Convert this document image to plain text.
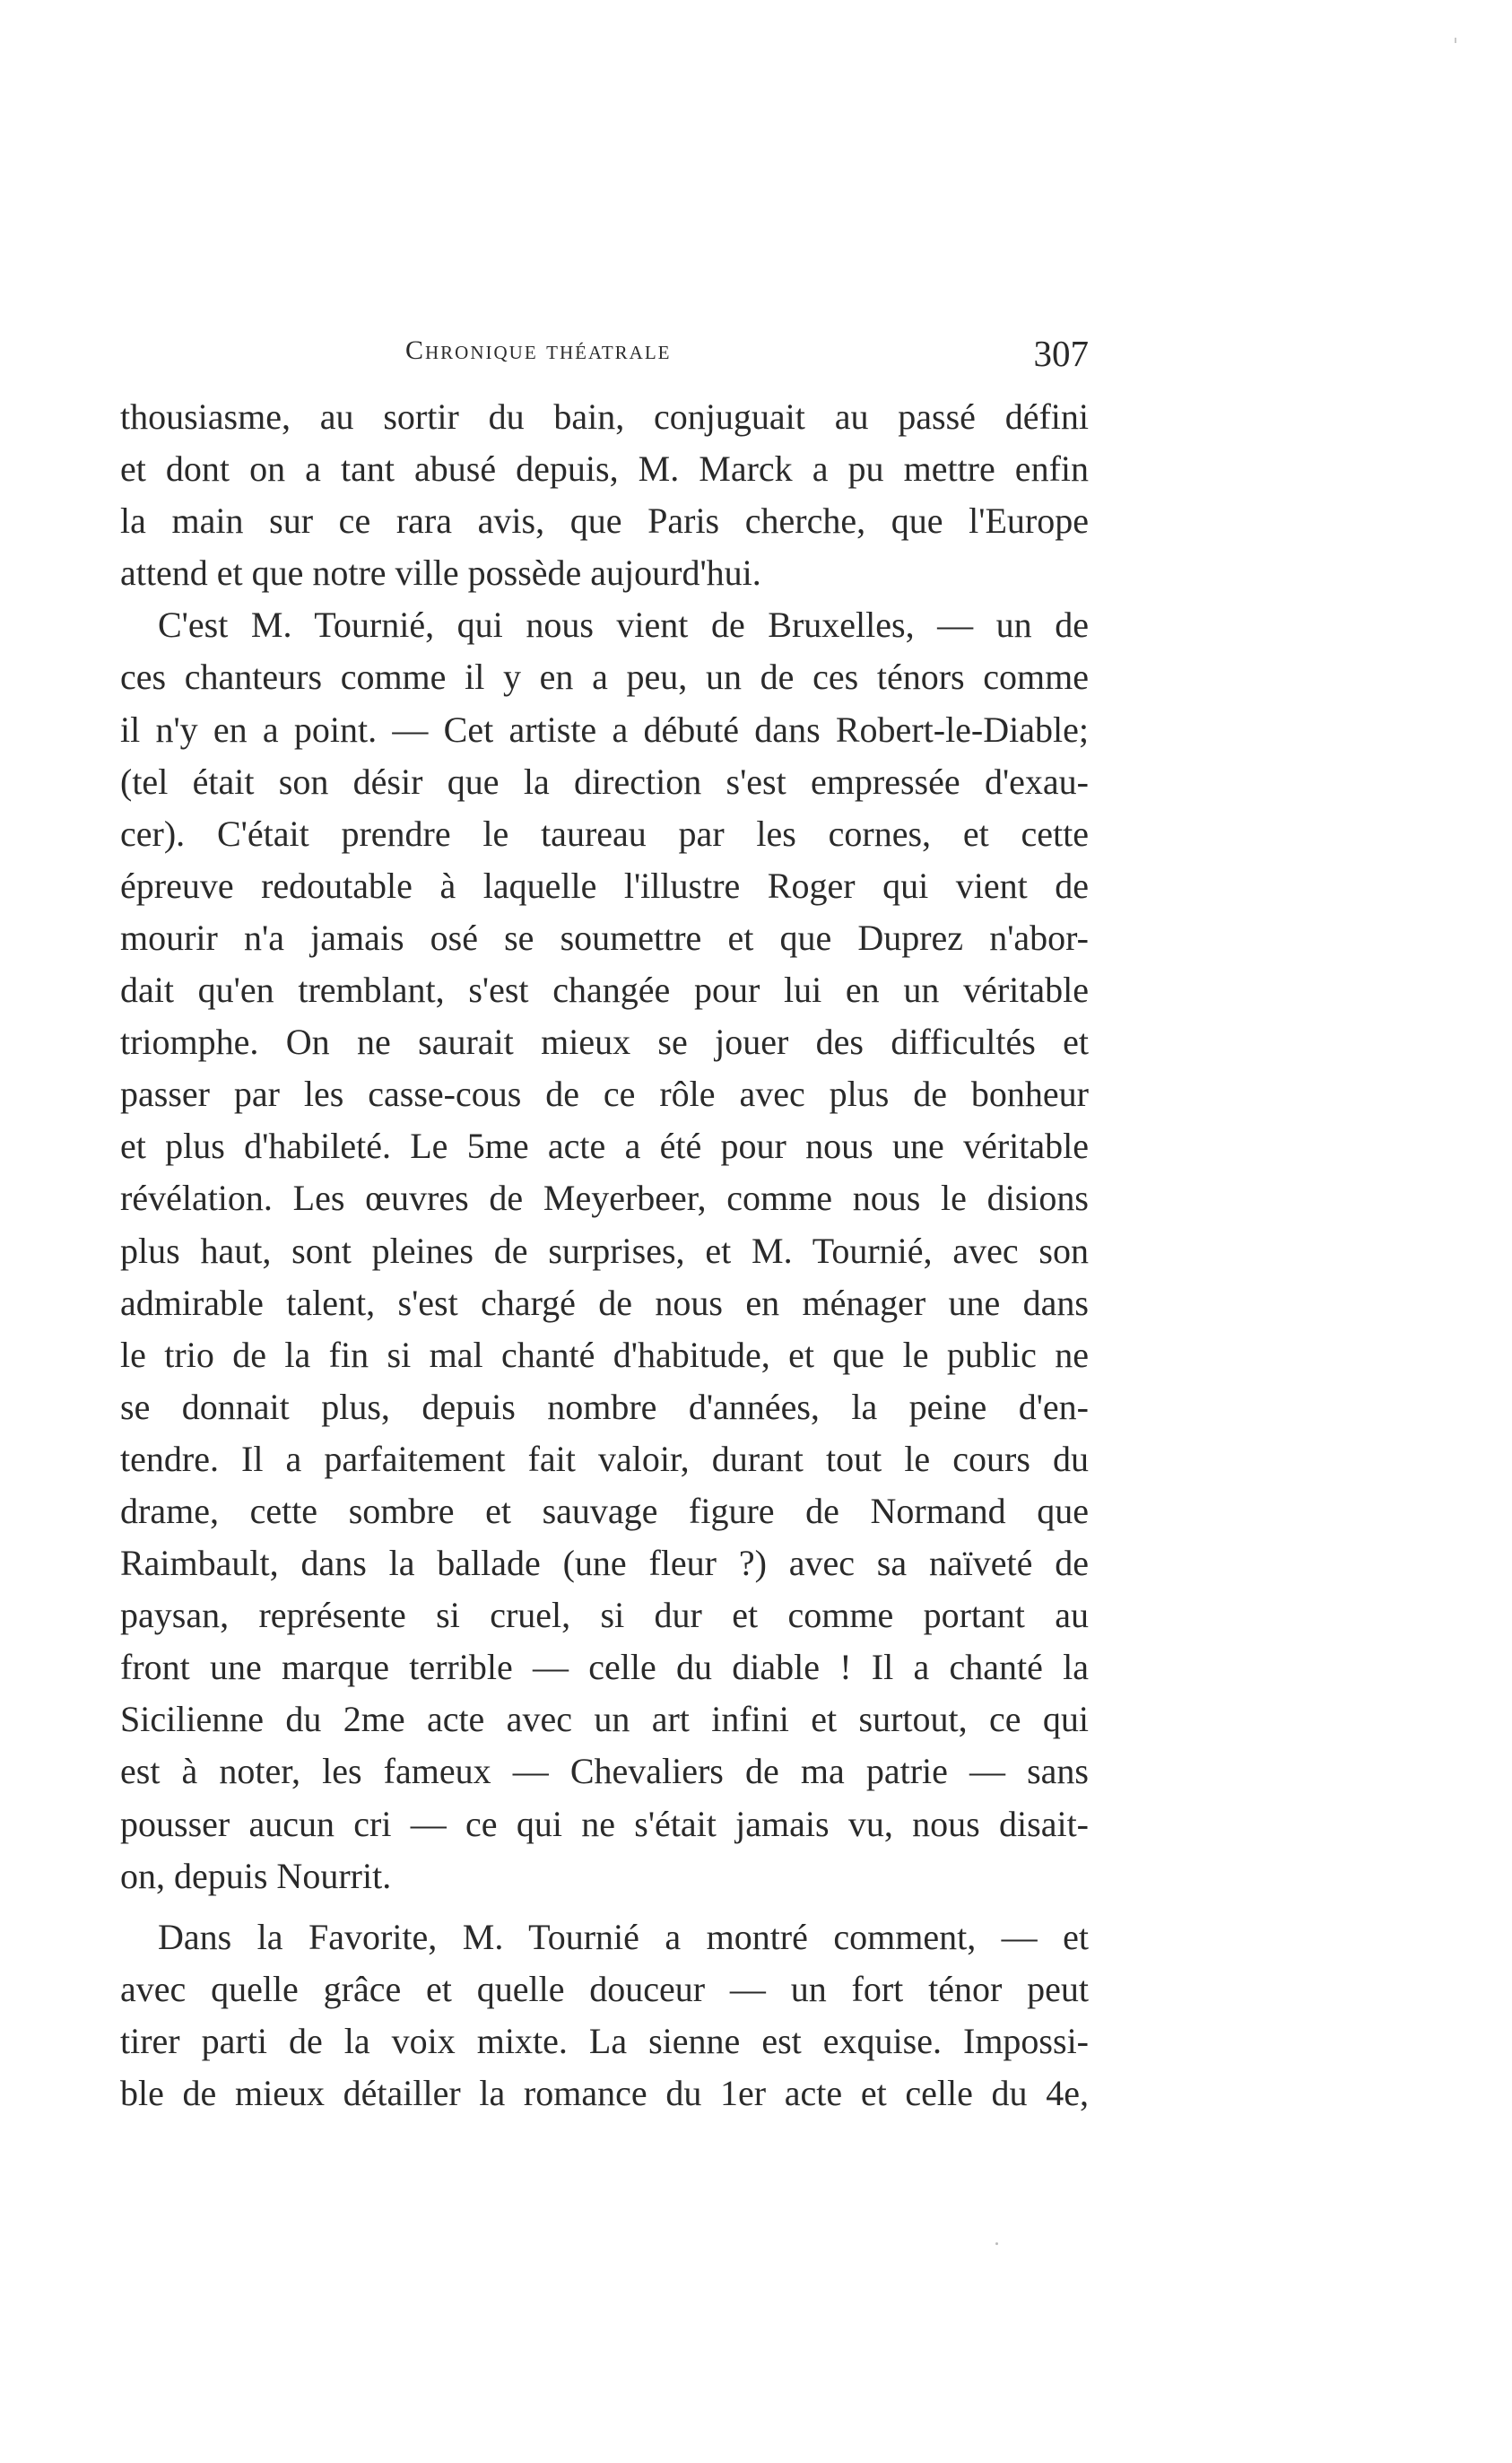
Chronique théatrale	307
thousiasme, au sortir du bain, conjuguait au passé défini
et dont on a tant abusé depuis, M. Marck a pu mettre enfin
la main sur ce rara avis, que Paris cherche, que l'Europe
attend et que notre ville possède aujourd'hui.
C'est M. Tournié, qui nous vient de Bruxelles, — un de
ces chanteurs comme il y en a peu, un de ces ténors comme
il n'y en a point. — Cet artiste a débuté dans Robert-le-Diable;
(tel était son désir que la direction s'est empressée d'exau-
cer). C'était prendre le taureau par les cornes, et cette
épreuve redoutable à laquelle l'illustre Roger qui vient de
mourir n'a jamais osé se soumettre et que Duprez n'abor-
dait qu'en tremblant, s'est changée pour lui en un véritable
triomphe. On ne saurait mieux se jouer des difficultés et
passer par les casse-cous de ce rôle avec plus de bonheur
et plus d'habileté. Le 5me acte a été pour nous une véritable
révélation. Les œuvres de Meyerbeer, comme nous le disions
plus haut, sont pleines de surprises, et M. Tournié, avec son
admirable talent, s'est chargé de nous en ménager une dans
le trio de la fin si mal chanté d'habitude, et que le public ne
se donnait plus, depuis nombre d'années, la peine d'en-
tendre. Il a parfaitement fait valoir, durant tout le cours du
drame, cette sombre et sauvage figure de Normand que
Raimbault, dans la ballade (une fleur ?) avec sa naïveté de
paysan, représente si cruel, si dur et comme portant au
front une marque terrible — celle du diable ! Il a chanté la
Sicilienne du 2me acte avec un art infini et surtout, ce qui
est à noter, les fameux — Chevaliers de ma patrie — sans
pousser aucun cri — ce qui ne s'était jamais vu, nous disait-
on, depuis Nourrit.
Dans la Favorite, M. Tournié a montré comment, — et
avec quelle grâce et quelle douceur — un fort ténor peut
tirer parti de la voix mixte. La sienne est exquise. Impossi-
ble de mieux détailler la romance du 1er acte et celle du 4e,
